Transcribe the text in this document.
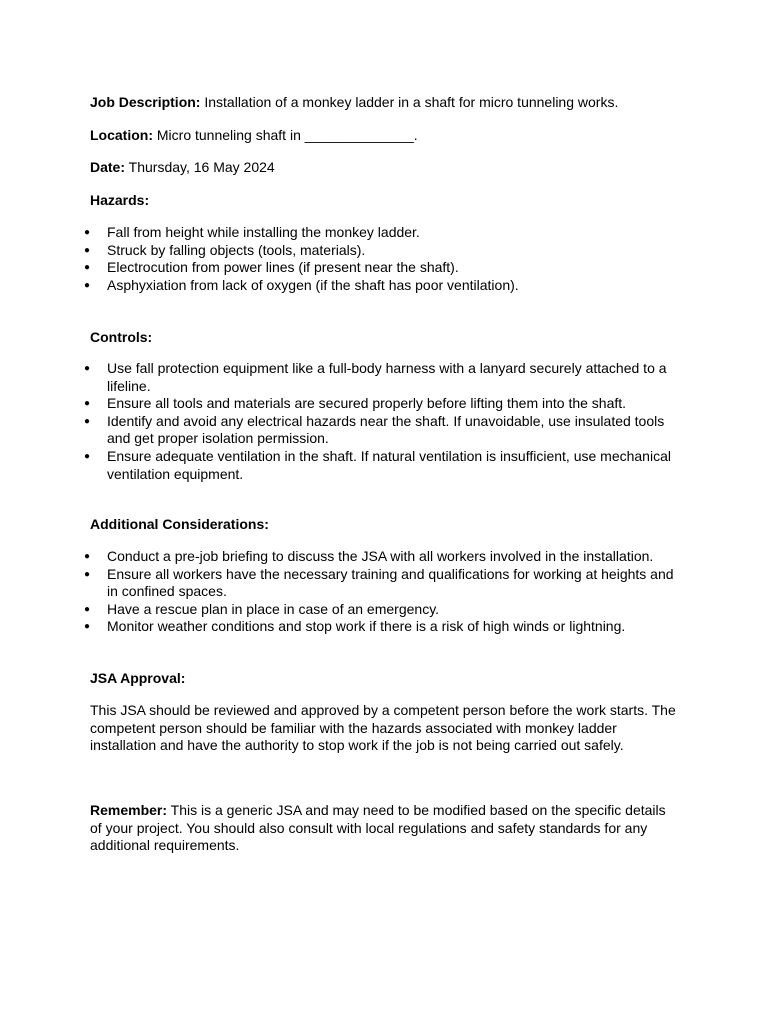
Job Description: Installation of a monkey ladder in a shaft for micro tunneling works.

Location: Micro tunneling shaft in ______________.

Date: Thursday, 16 May 2024

Hazards:

● Fall from height while installing the monkey ladder.
● Struck by falling objects (tools, materials).
● Electrocution from power lines (if present near the shaft).
● Asphyxiation from lack of oxygen (if the shaft has poor ventilation).

Controls:

● Use fall protection equipment like a full-body harness with a lanyard securely attached to a lifeline.
● Ensure all tools and materials are secured properly before lifting them into the shaft.
● Identify and avoid any electrical hazards near the shaft. If unavoidable, use insulated tools and get proper isolation permission.
● Ensure adequate ventilation in the shaft. If natural ventilation is insufficient, use mechanical ventilation equipment.

Additional Considerations:

● Conduct a pre-job briefing to discuss the JSA with all workers involved in the installation.
● Ensure all workers have the necessary training and qualifications for working at heights and in confined spaces.
● Have a rescue plan in place in case of an emergency.
● Monitor weather conditions and stop work if there is a risk of high winds or lightning.

JSA Approval:

This JSA should be reviewed and approved by a competent person before the work starts. The competent person should be familiar with the hazards associated with monkey ladder installation and have the authority to stop work if the job is not being carried out safely.

Remember: This is a generic JSA and may need to be modified based on the specific details of your project. You should also consult with local regulations and safety standards for any additional requirements.
